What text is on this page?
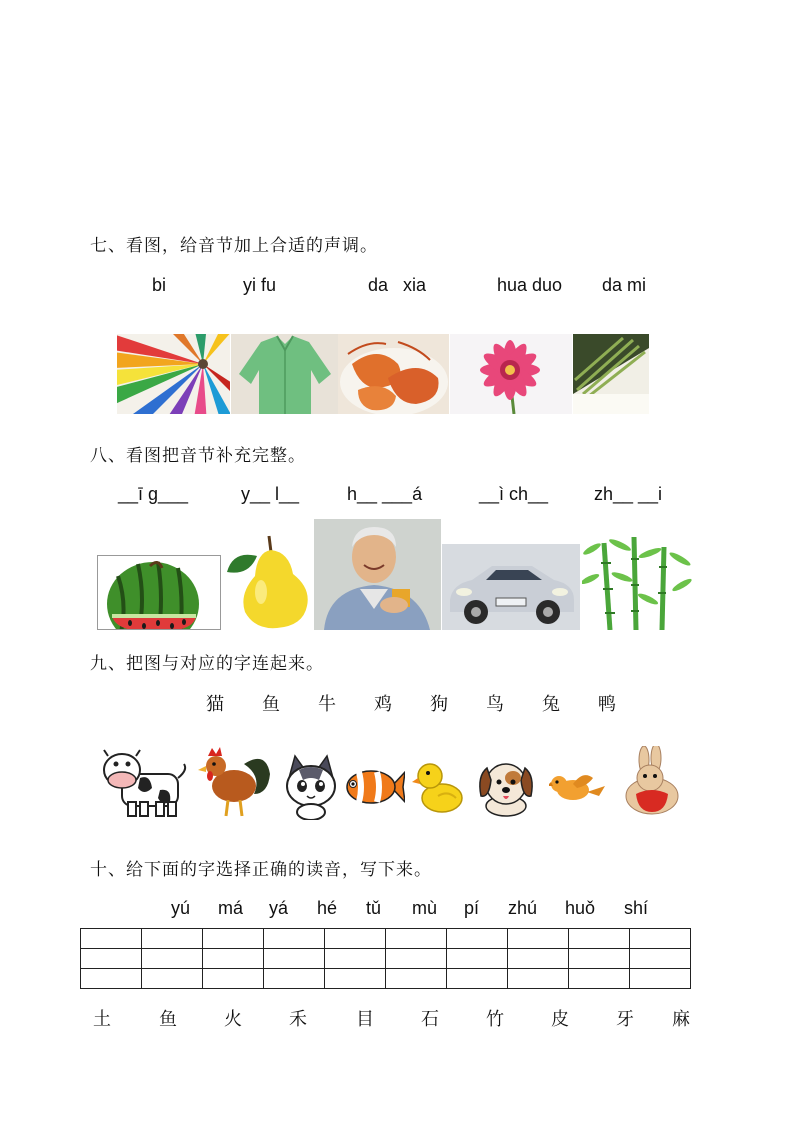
七、看图，给音节加上合适的声调。
bi	yi fu	da   xia	hua duo da mi
八、看图把音节补充完整。
__ī g___	y__ l__	h__ ___á	__ì ch__	zh__ __i
九、把图与对应的字连起来。
猫 鱼 牛 鸡 狗 鸟 兔 鸭
十、给下面的字选择正确的读音，写下来。
yú má yá hé tǔ mù pí zhú huǒ shí

土	鱼	火	禾	目	石	竹	皮	牙 麻
